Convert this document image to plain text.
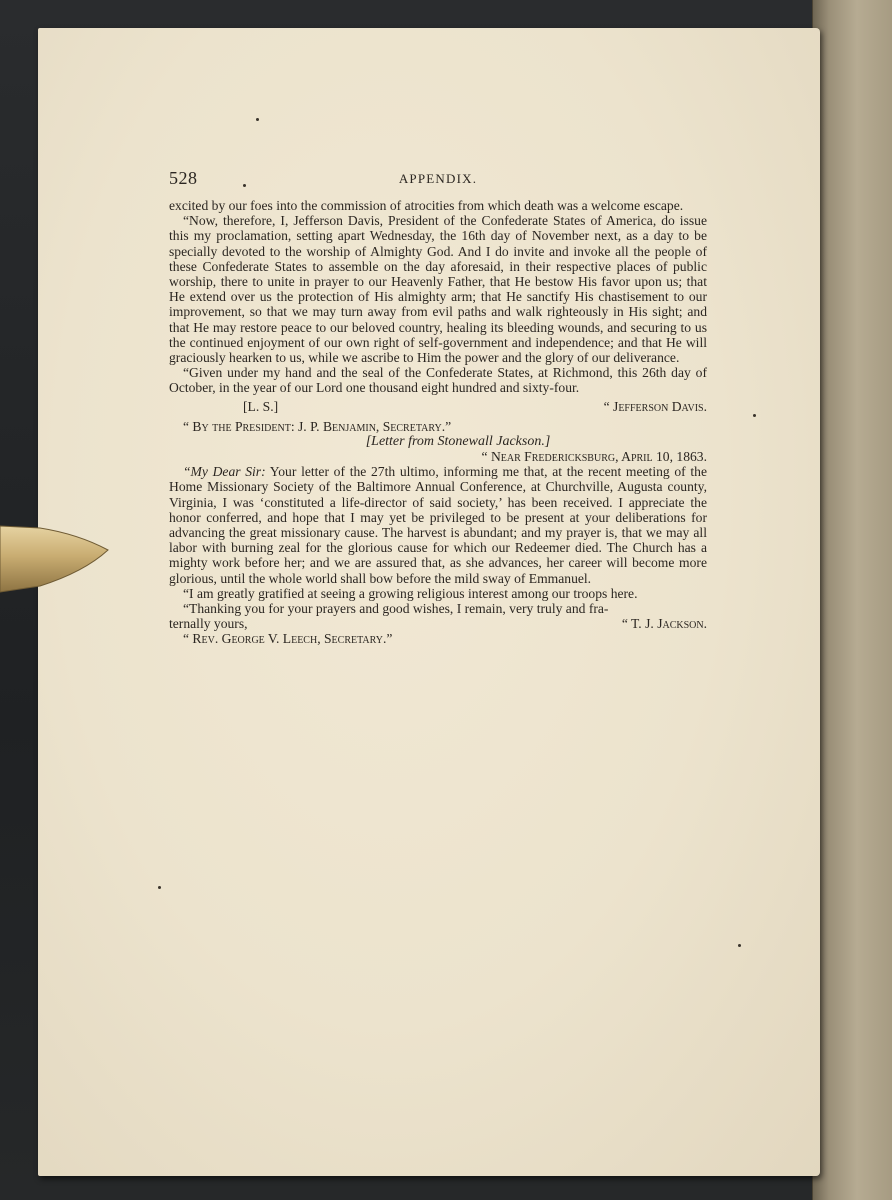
528	APPENDIX.

excited by our foes into the commission of atrocities from which death was a welcome escape.

“Now, therefore, I, Jefferson Davis, President of the Confederate States of America, do issue this my proclamation, setting apart Wednesday, the 16th day of November next, as a day to be specially devoted to the worship of Almighty God. And I do invite and invoke all the people of these Confederate States to assemble on the day aforesaid, in their respective places of public worship, there to unite in prayer to our Heavenly Father, that He bestow His favor upon us; that He extend over us the protection of His almighty arm; that He sanctify His chastisement to our improvement, so that we may turn away from evil paths and walk righteously in His sight; and that He may restore peace to our beloved country, healing its bleeding wounds, and securing to us the continued enjoyment of our own right of self-government and independence; and that He will graciously hearken to us, while we ascribe to Him the power and the glory of our deliverance.

“Given under my hand and the seal of the Confederate States, at Richmond, this 26th day of October, in the year of our Lord one thousand eight hundred and sixty-four.

[L. S.]	“ Jefferson Davis.

“ By the President: J. P. Benjamin, Secretary.”

[Letter from Stonewall Jackson.]

“ Near Fredericksburg, April 10, 1863.

“My Dear Sir: Your letter of the 27th ultimo, informing me that, at the recent meeting of the Home Missionary Society of the Baltimore Annual Conference, at Churchville, Augusta county, Virginia, I was ‘constituted a life-director of said society,’ has been received. I appreciate the honor conferred, and hope that I may yet be privileged to be present at your deliberations for advancing the great missionary cause. The harvest is abundant; and my prayer is, that we may all labor with burning zeal for the glorious cause for which our Redeemer died. The Church has a mighty work before her; and we are assured that, as she advances, her career will become more glorious, until the whole world shall bow before the mild sway of Emmanuel.

“I am greatly gratified at seeing a growing religious interest among our troops here.

“Thanking you for your prayers and good wishes, I remain, very truly and fra-

ternally yours,	“ T. J. Jackson.

“ Rev. George V. Leech, Secretary.”
